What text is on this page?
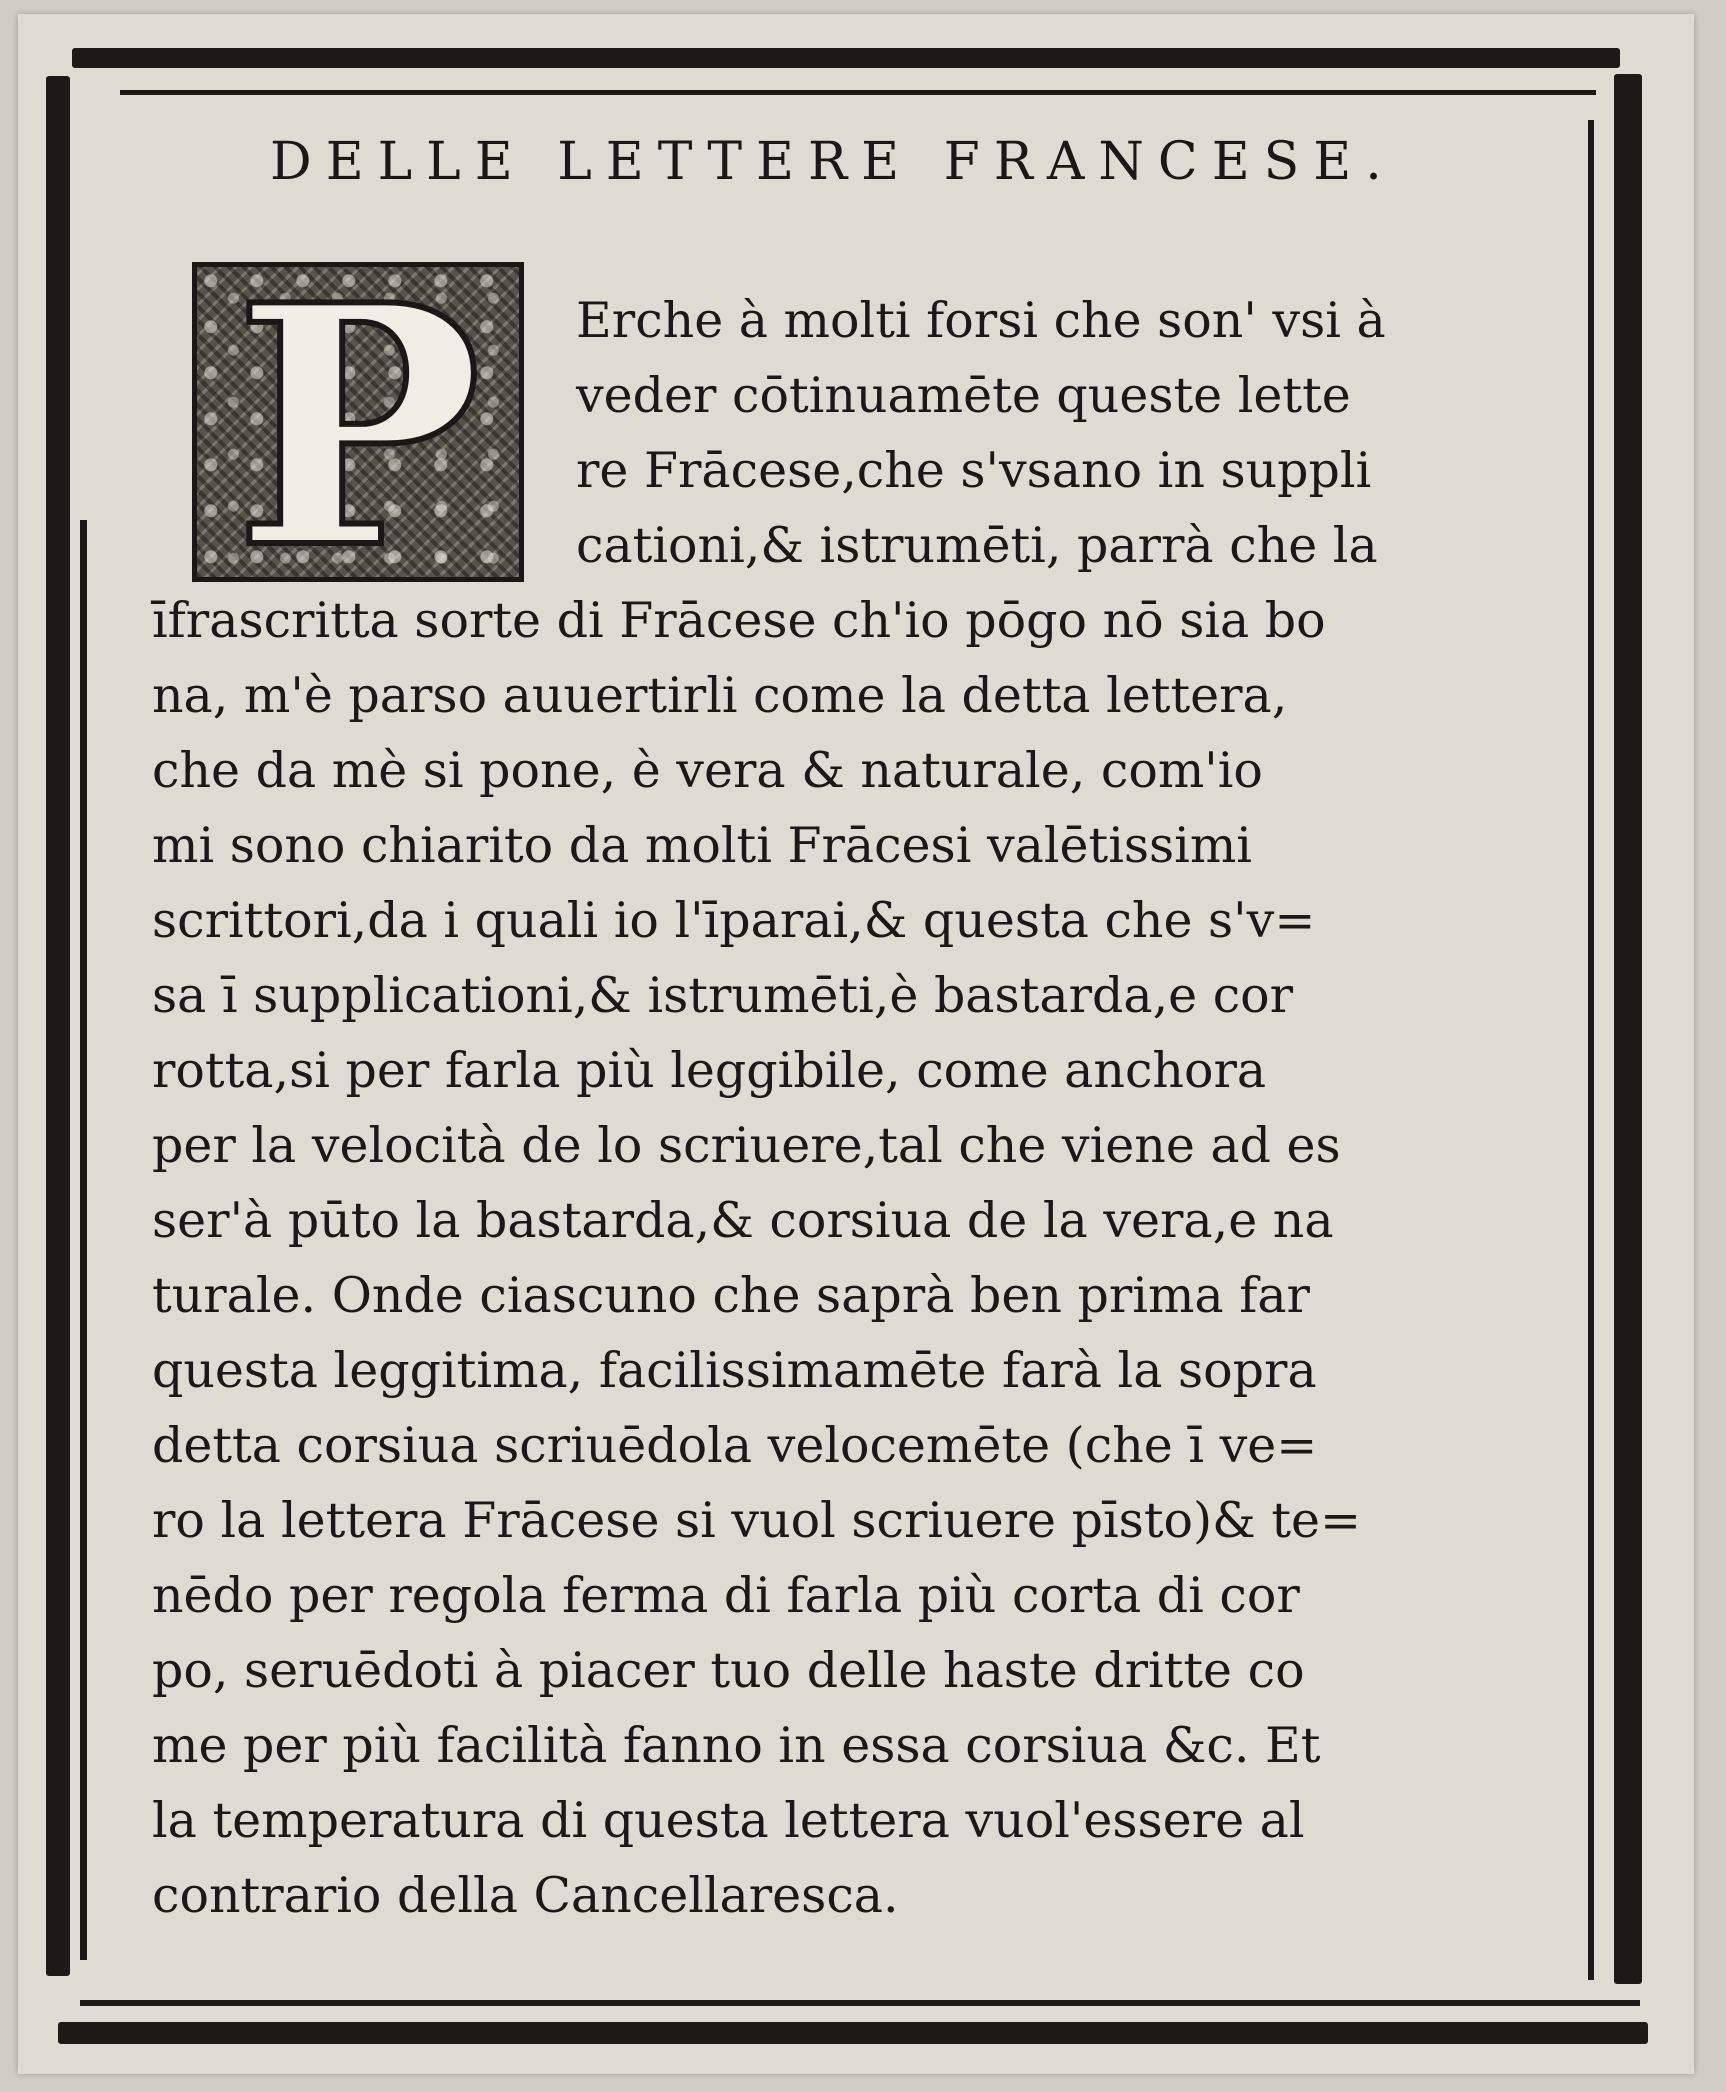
DELLE LETTERE FRANCESE.
P	Erche à molti forsi che son' vsi à
veder cōtinuamēte queste lette
re Frācese,che s'vsano in suppli
cationi,& istrumēti, parrà che la
īfrascritta sorte di Frācese ch'io pōgo nō sia bo
na, m'è parso auuertirli come la detta lettera,
che da mè si pone, è vera & naturale, com'io
mi sono chiarito da molti Frācesi valētissimi
scrittori,da i quali io l'īparai,& questa che s'v=
sa ī supplicationi,& istrumēti,è bastarda,e cor
rotta,si per farla più leggibile, come anchora
per la velocità de lo scriuere,tal che viene ad es
ser'à pūto la bastarda,& corsiua de la vera,e na
turale. Onde ciascuno che saprà ben prima far
questa leggitima, facilissimamēte farà la sopra
detta corsiua scriuēdola velocemēte (che ī ve=
ro la lettera Frācese si vuol scriuere pīsto)& te=
nēdo per regola ferma di farla più corta di cor
po, seruēdoti à piacer tuo delle haste dritte co
me per più facilità fanno in essa corsiua &c. Et
la temperatura di questa lettera vuol'essere al
contrario della Cancellaresca.
